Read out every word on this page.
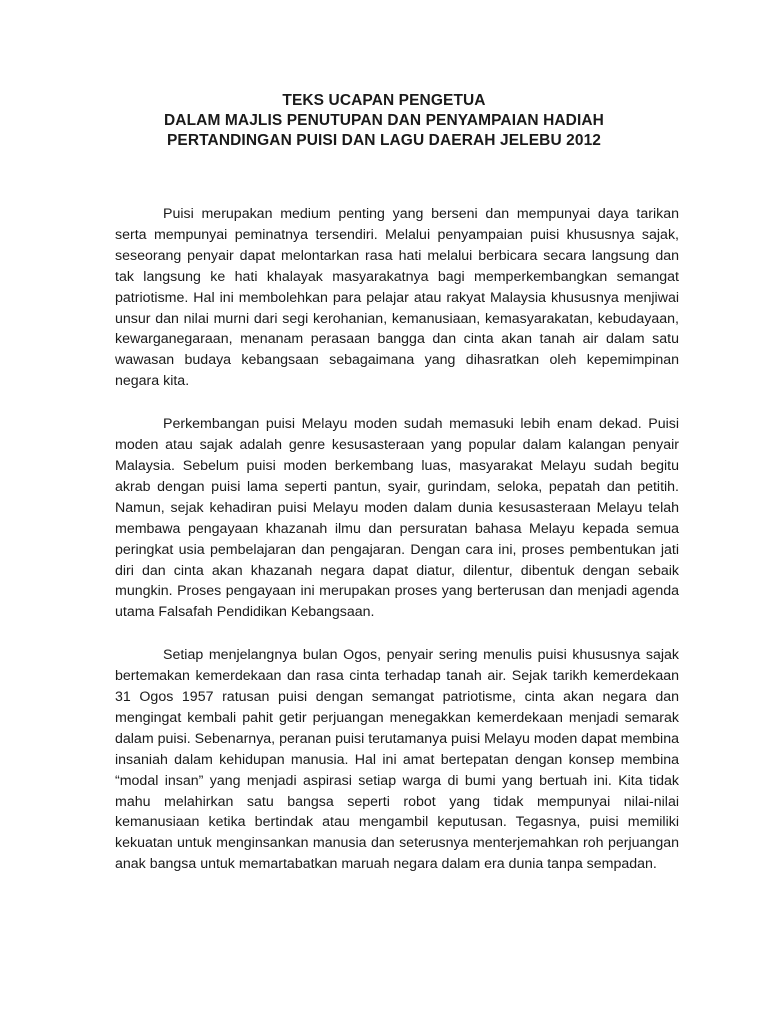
TEKS UCAPAN PENGETUA
DALAM MAJLIS PENUTUPAN DAN PENYAMPAIAN HADIAH
PERTANDINGAN PUISI DAN LAGU DAERAH JELEBU 2012

Puisi merupakan medium penting yang berseni dan mempunyai daya tarikan serta mempunyai peminatnya tersendiri. Melalui penyampaian puisi khususnya sajak, seseorang penyair dapat melontarkan rasa hati melalui berbicara secara langsung dan tak langsung ke hati khalayak masyarakatnya bagi memperkembangkan semangat patriotisme. Hal ini membolehkan para pelajar atau rakyat Malaysia khususnya menjiwai unsur dan nilai murni dari segi kerohanian, kemanusiaan, kemasyarakatan, kebudayaan, kewarganegaraan, menanam perasaan bangga dan cinta akan tanah air dalam satu wawasan budaya kebangsaan sebagaimana yang dihasratkan oleh kepemimpinan negara kita.

Perkembangan puisi Melayu moden sudah memasuki lebih enam dekad. Puisi moden atau sajak adalah genre kesusasteraan yang popular dalam kalangan penyair Malaysia. Sebelum puisi moden berkembang luas, masyarakat Melayu sudah begitu akrab dengan puisi lama seperti pantun, syair, gurindam, seloka, pepatah dan petitih. Namun, sejak kehadiran puisi Melayu moden dalam dunia kesusasteraan Melayu telah membawa pengayaan khazanah ilmu dan persuratan bahasa Melayu kepada semua peringkat usia pembelajaran dan pengajaran. Dengan cara ini, proses pembentukan jati diri dan cinta akan khazanah negara dapat diatur, dilentur, dibentuk dengan sebaik mungkin. Proses pengayaan ini merupakan proses yang berterusan dan menjadi agenda utama Falsafah Pendidikan Kebangsaan.

Setiap menjelangnya bulan Ogos, penyair sering menulis puisi khususnya sajak bertemakan kemerdekaan dan rasa cinta terhadap tanah air. Sejak tarikh kemerdekaan 31 Ogos 1957 ratusan puisi dengan semangat patriotisme, cinta akan negara dan mengingat kembali pahit getir perjuangan menegakkan kemerdekaan menjadi semarak dalam puisi. Sebenarnya, peranan puisi terutamanya puisi Melayu moden dapat membina insaniah dalam kehidupan manusia. Hal ini amat bertepatan dengan konsep membina “modal insan” yang menjadi aspirasi setiap warga di bumi yang bertuah ini. Kita tidak mahu melahirkan satu bangsa seperti robot yang tidak mempunyai nilai-nilai kemanusiaan ketika bertindak atau mengambil keputusan. Tegasnya, puisi memiliki kekuatan untuk menginsankan manusia dan seterusnya menterjemahkan roh perjuangan anak bangsa untuk memartabatkan maruah negara dalam era dunia tanpa sempadan.
